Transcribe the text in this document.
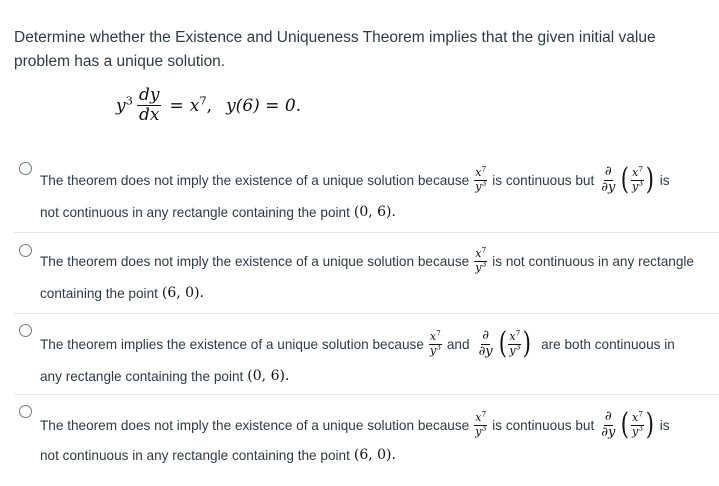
Determine whether the Existence and Uniqueness Theorem implies that the given initial value problem has a unique solution.
$y^3 \frac{dy}{dx} = x^7$ , y(6) = 0.
The theorem does not imply the existence of a unique solution because $\frac{x^7}{y^3}$ is continuous but $\frac{\partial}{\partial y}$ ( $\frac{x^7}{y^3}$ ) is
not continuous in any rectangle containing the point (0, 6).
The theorem does not imply the existence of a unique solution because $\frac{x^7}{y^3}$ is not continuous in any rectangle
containing the point (6, 0).
The theorem implies the existence of a unique solution because $\frac{x^7}{y^3}$ and $\frac{\partial}{\partial y}$ ( $\frac{x^7}{y^3}$ ) are both continuous in
any rectangle containing the point (0, 6).
The theorem does not imply the existence of a unique solution because $\frac{x^7}{y^3}$ is continuous but $\frac{\partial}{\partial y}$ ( $\frac{x^7}{y^3}$ ) is
not continuous in any rectangle containing the point (6, 0).
